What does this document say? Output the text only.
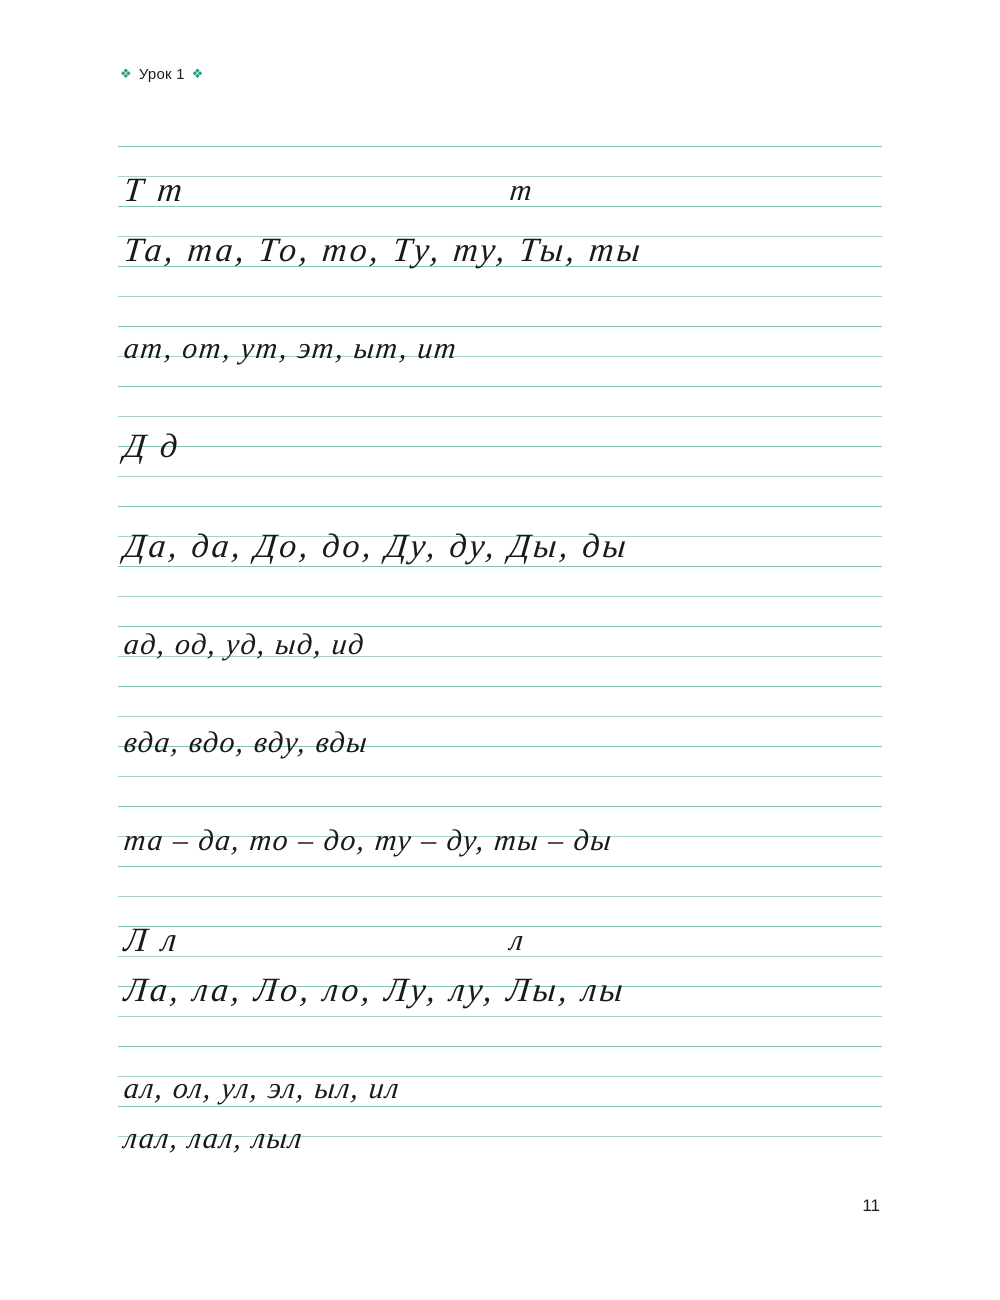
❖ Урок 1 ❖
Т т	т
Та, та, То, то, Ту, ту, Ты, ты
ат, от, ут, эт, ыт, ит
Д д
Да, да, До, до, Ду, ду, Ды, ды
ад, од, уд, ыд, ид
вда, вдо, вду, вды
та – да, то – до, ту – ду, ты – ды
Л л	л
Ла, ла, Ло, ло, Лу, лу, Лы, лы
ал, ол, ул, эл, ыл, ил
лал, лал, лыл
11
